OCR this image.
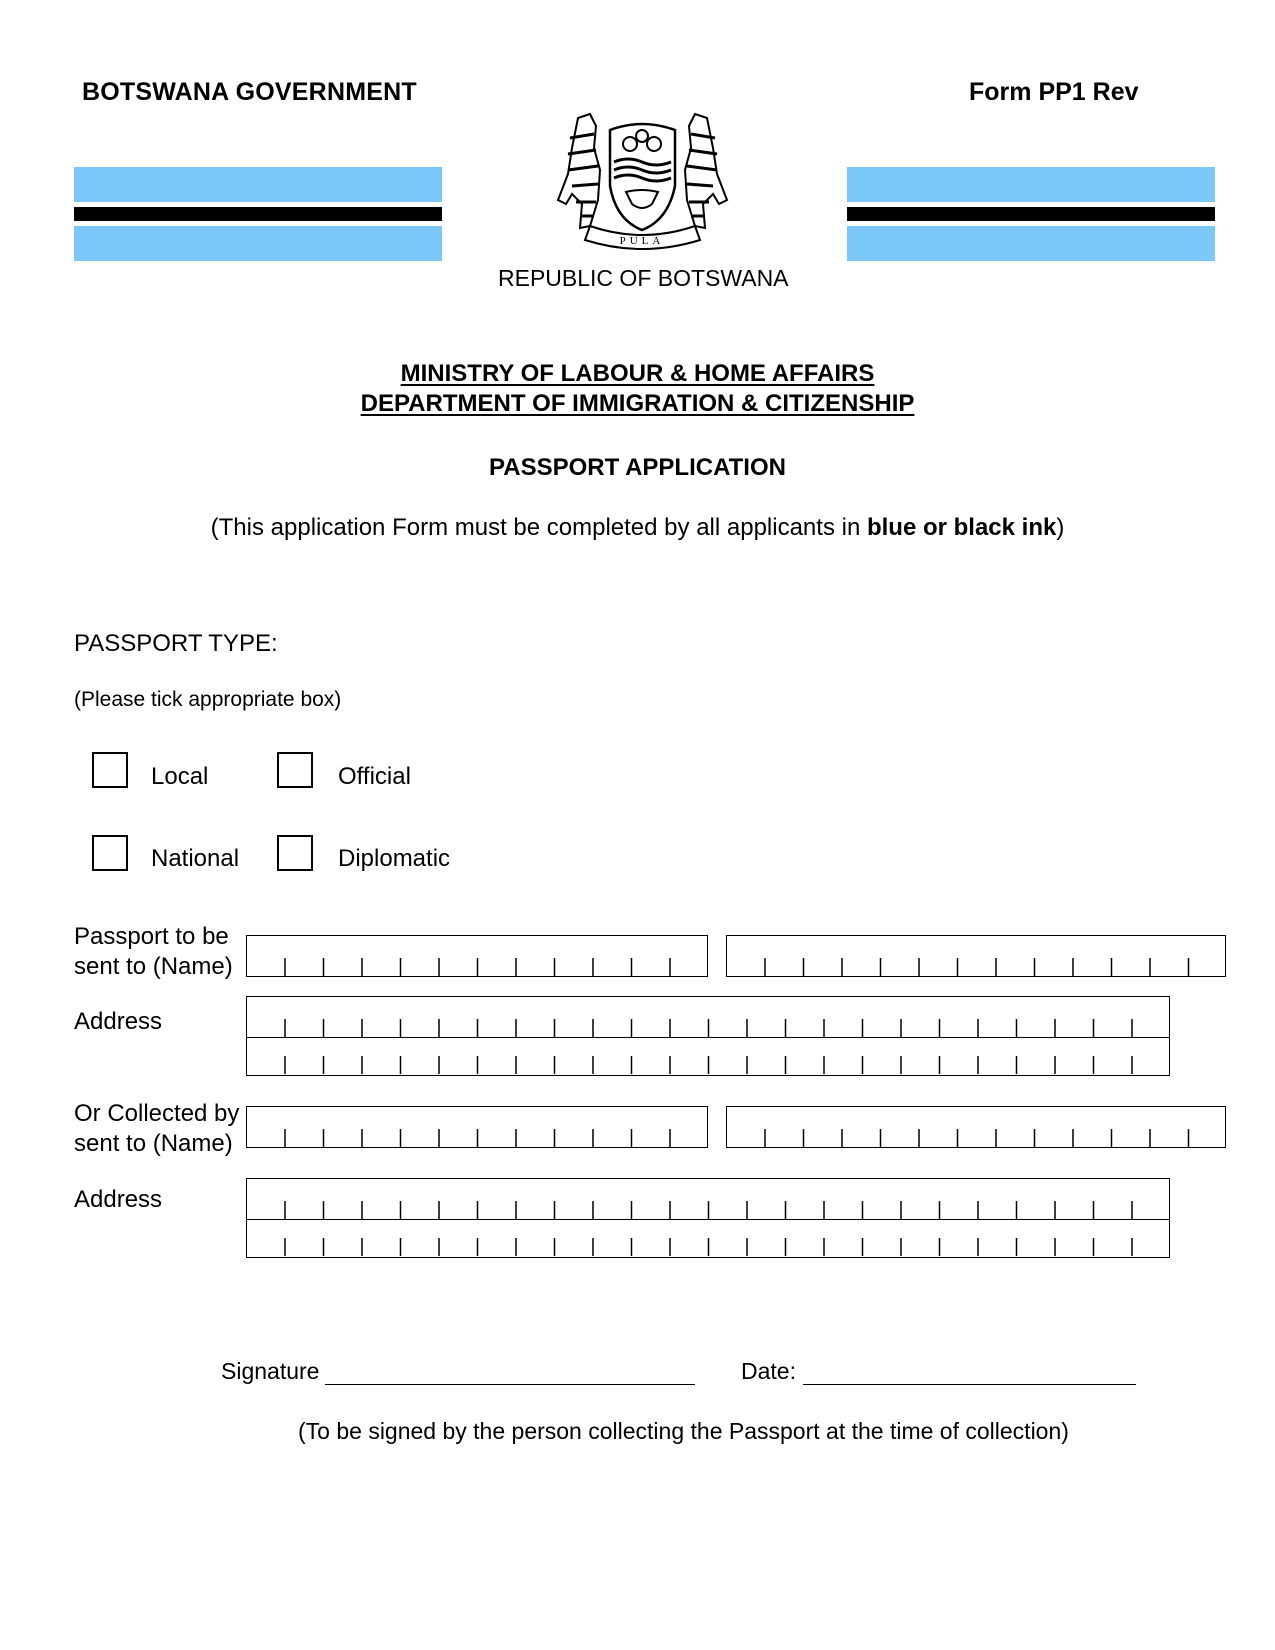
BOTSWANA GOVERNMENT	Form PP1 Rev
PULA
REPUBLIC OF BOTSWANA
MINISTRY OF LABOUR & HOME AFFAIRS
DEPARTMENT OF IMMIGRATION & CITIZENSHIP
PASSPORT APPLICATION
(This application Form must be completed by all applicants in blue or black ink)
PASSPORT TYPE:
(Please tick appropriate box)
Local	Official
National	Diplomatic
Passport to be
sent to (Name)
Address
Or Collected by
sent to (Name)
Address
Signature	Date:
(To be signed by the person collecting the Passport at the time of collection)
